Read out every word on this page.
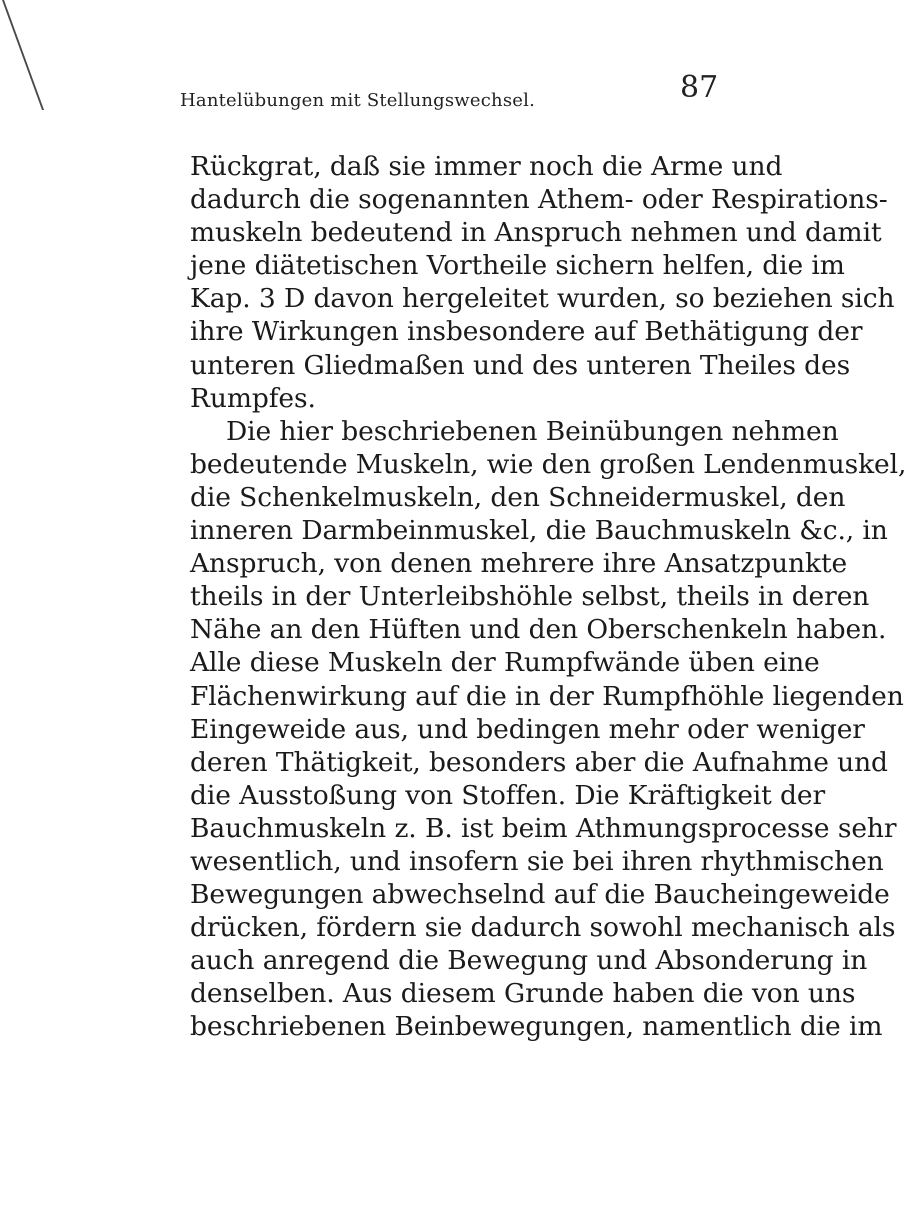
Hantelübungen mit Stellungswechsel.	87
Rückgrat, daß sie immer noch die Arme und
dadurch die sogenannten Athem- oder Respirations-
muskeln bedeutend in Anspruch nehmen und damit
jene diätetischen Vortheile sichern helfen, die im
Kap. 3 D davon hergeleitet wurden, so beziehen sich
ihre Wirkungen insbesondere auf Bethätigung der
unteren Gliedmaßen und des unteren Theiles des
Rumpfes.
Die hier beschriebenen Beinübungen nehmen
bedeutende Muskeln, wie den großen Lendenmuskel,
die Schenkelmuskeln, den Schneidermuskel, den
inneren Darmbeinmuskel, die Bauchmuskeln &c., in
Anspruch, von denen mehrere ihre Ansatzpunkte
theils in der Unterleibshöhle selbst, theils in deren
Nähe an den Hüften und den Oberschenkeln haben.
Alle diese Muskeln der Rumpfwände üben eine
Flächenwirkung auf die in der Rumpfhöhle liegenden
Eingeweide aus, und bedingen mehr oder weniger
deren Thätigkeit, besonders aber die Aufnahme und
die Ausstoßung von Stoffen. Die Kräftigkeit der
Bauchmuskeln z. B. ist beim Athmungsprocesse sehr
wesentlich, und insofern sie bei ihren rhythmischen
Bewegungen abwechselnd auf die Baucheingeweide
drücken, fördern sie dadurch sowohl mechanisch als
auch anregend die Bewegung und Absonderung in
denselben. Aus diesem Grunde haben die von uns
beschriebenen Beinbewegungen, namentlich die im
